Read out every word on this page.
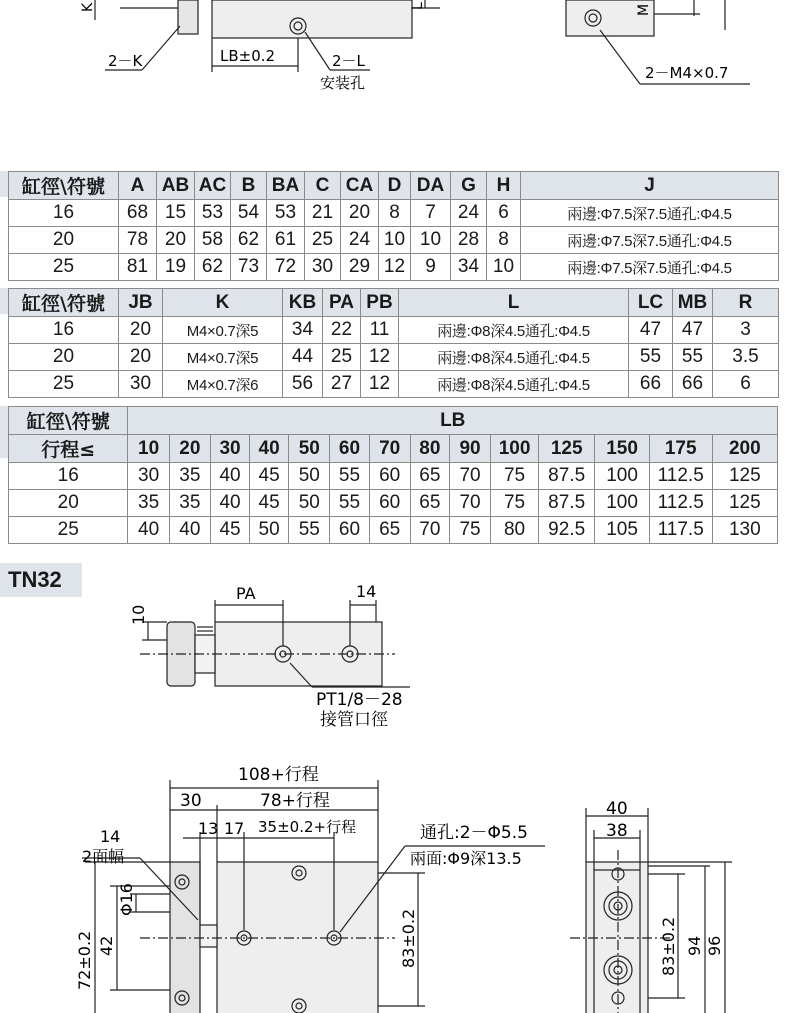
2－K	LB±0.2	2－L
安装孔
K	L	M
2－M4×0.7
缸徑\符號	A	AB	AC	B	BA	C	CA	D	DA	G	H	J
16	68	15	53	54	53	21	20	8	7	24	6	兩邊:Φ7.5深7.5通孔:Φ4.5
20	78	20	58	62	61	25	24	10	10	28	8	兩邊:Φ7.5深7.5通孔:Φ4.5
25	81	19	62	73	72	30	29	12	9	34	10	兩邊:Φ7.5深7.5通孔:Φ4.5
缸徑\符號	JB	K	KB	PA	PB	L	LC	MB	R
16	20	M4×0.7深5	34	22	11	兩邊:Φ8深4.5通孔:Φ4.5	47	47	3
20	20	M4×0.7深5	44	25	12	兩邊:Φ8深4.5通孔:Φ4.5	55	55	3.5
25	30	M4×0.7深6	56	27	12	兩邊:Φ8深4.5通孔:Φ4.5	66	66	6
缸徑\符號	LB													
行程≤	10	20	30	40	50	60	70	80	90	100	125	150	175	200
16	30	35	40	45	50	55	60	65	70	75	87.5	100	112.5	125
20	35	35	40	45	50	55	60	65	70	75	87.5	100	112.5	125
25	40	40	45	50	55	60	65	70	75	80	92.5	105	117.5	130
TN32
PA	14
10
PT1/8－28
接管口徑
108+行程
30	78+行程
13 17 35±0.2+行程
14
2面幅
Φ16
72±0.2 42
通孔:2－Φ5.5
兩面:Φ9深13.5
83±0.2
40
38
83±0.2 94 96
